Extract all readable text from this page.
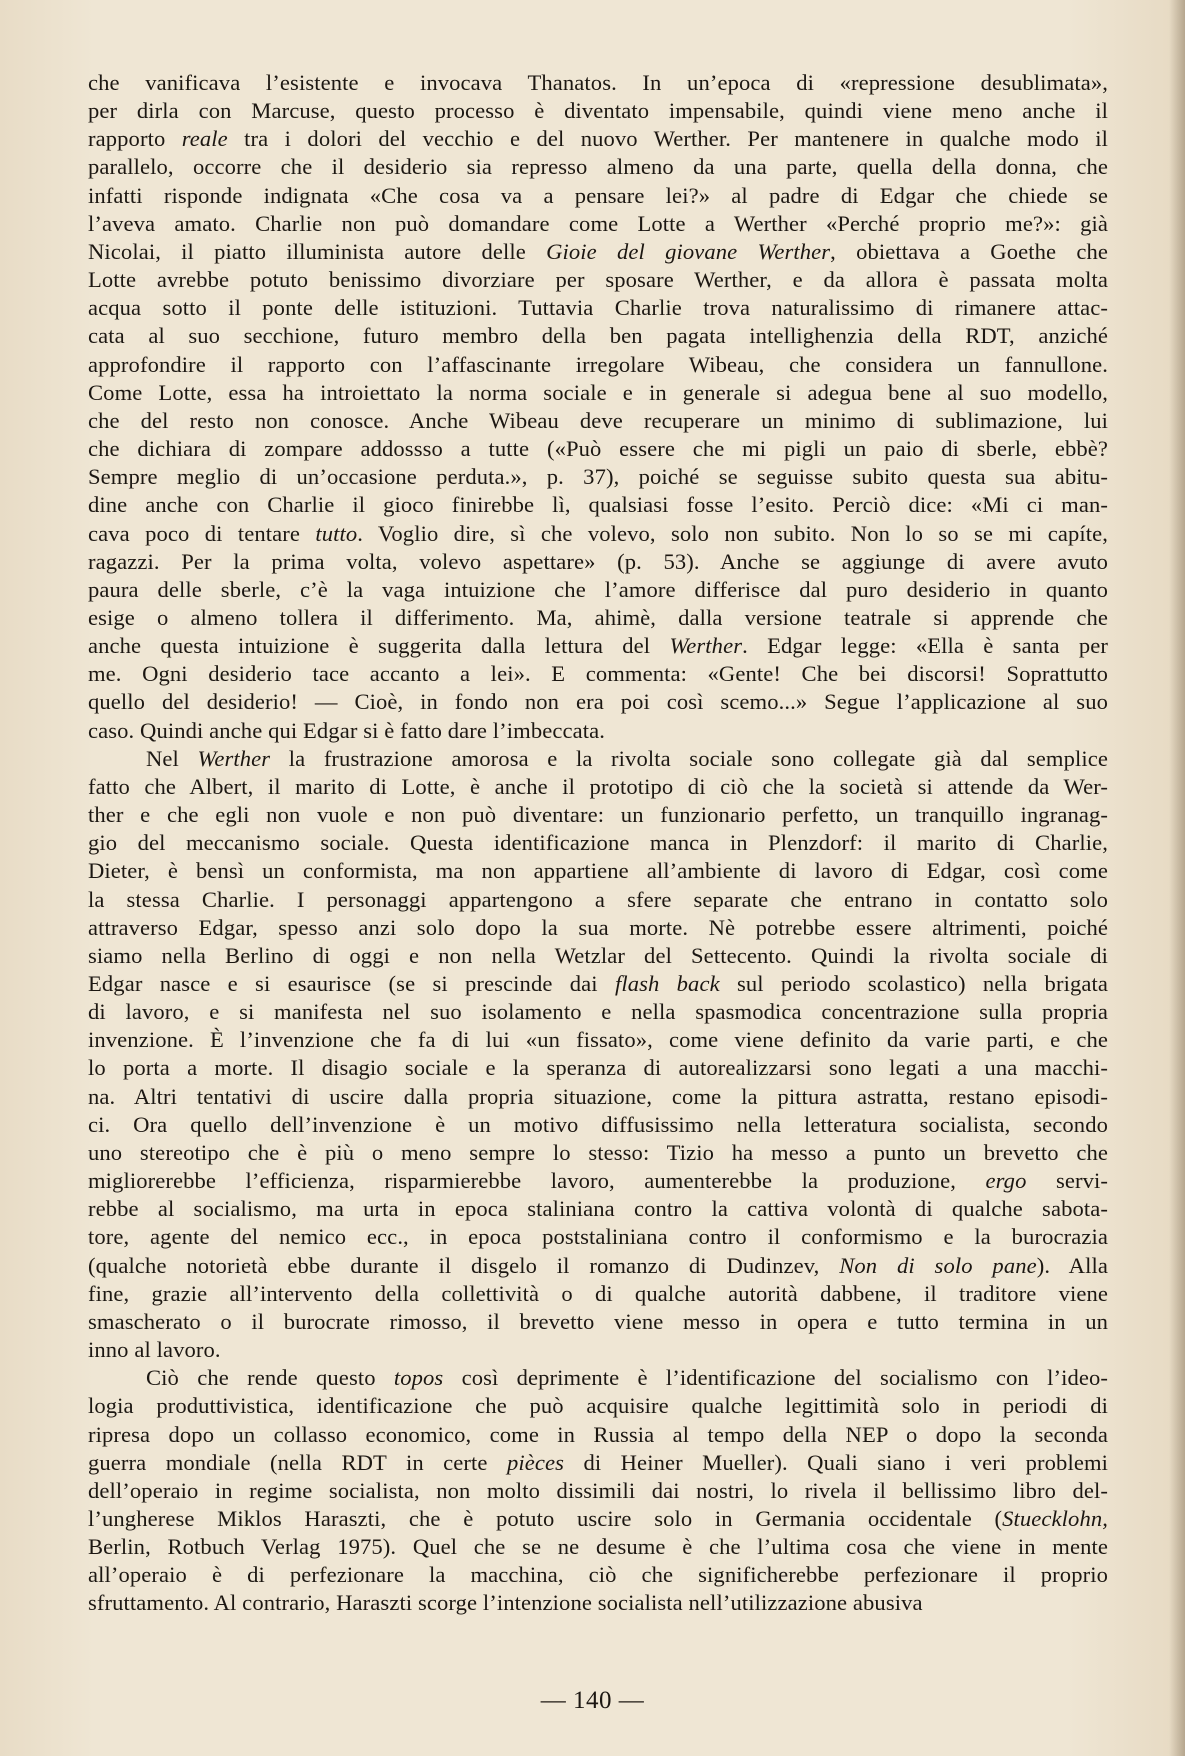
che vanificava l’esistente e invocava Thanatos. In un’epoca di «repressione desublimata»,

per dirla con Marcuse, questo processo è diventato impensabile, quindi viene meno anche il

rapporto reale tra i dolori del vecchio e del nuovo Werther. Per mantenere in qualche modo il

parallelo, occorre che il desiderio sia represso almeno da una parte, quella della donna, che

infatti risponde indignata «Che cosa va a pensare lei?» al padre di Edgar che chiede se

l’aveva amato. Charlie non può domandare come Lotte a Werther «Perché proprio me?»: già

Nicolai, il piatto illuminista autore delle Gioie del giovane Werther, obiettava a Goethe che

Lotte avrebbe potuto benissimo divorziare per sposare Werther, e da allora è passata molta

acqua sotto il ponte delle istituzioni. Tuttavia Charlie trova naturalissimo di rimanere attac-

cata al suo secchione, futuro membro della ben pagata intellighenzia della RDT, anziché

approfondire il rapporto con l’affascinante irregolare Wibeau, che considera un fannullone.

Come Lotte, essa ha introiettato la norma sociale e in generale si adegua bene al suo modello,

che del resto non conosce. Anche Wibeau deve recuperare un minimo di sublimazione, lui

che dichiara di zompare addossso a tutte («Può essere che mi pigli un paio di sberle, ebbè?

Sempre meglio di un’occasione perduta.», p. 37), poiché se seguisse subito questa sua abitu-

dine anche con Charlie il gioco finirebbe lì, qualsiasi fosse l’esito. Perciò dice: «Mi ci man-

cava poco di tentare tutto. Voglio dire, sì che volevo, solo non subito. Non lo so se mi capíte,

ragazzi. Per la prima volta, volevo aspettare» (p. 53). Anche se aggiunge di avere avuto

paura delle sberle, c’è la vaga intuizione che l’amore differisce dal puro desiderio in quanto

esige o almeno tollera il differimento. Ma, ahimè, dalla versione teatrale si apprende che

anche questa intuizione è suggerita dalla lettura del Werther. Edgar legge: «Ella è santa per

me. Ogni desiderio tace accanto a lei». E commenta: «Gente! Che bei discorsi! Soprattutto

quello del desiderio! — Cioè, in fondo non era poi così scemo...» Segue l’applicazione al suo

caso. Quindi anche qui Edgar si è fatto dare l’imbeccata.

Nel Werther la frustrazione amorosa e la rivolta sociale sono collegate già dal semplice

fatto che Albert, il marito di Lotte, è anche il prototipo di ciò che la società si attende da Wer-

ther e che egli non vuole e non può diventare: un funzionario perfetto, un tranquillo ingranag-

gio del meccanismo sociale. Questa identificazione manca in Plenzdorf: il marito di Charlie,

Dieter, è bensì un conformista, ma non appartiene all’ambiente di lavoro di Edgar, così come

la stessa Charlie. I personaggi appartengono a sfere separate che entrano in contatto solo

attraverso Edgar, spesso anzi solo dopo la sua morte. Nè potrebbe essere altrimenti, poiché

siamo nella Berlino di oggi e non nella Wetzlar del Settecento. Quindi la rivolta sociale di

Edgar nasce e si esaurisce (se si prescinde dai flash back sul periodo scolastico) nella brigata

di lavoro, e si manifesta nel suo isolamento e nella spasmodica concentrazione sulla propria

invenzione. È l’invenzione che fa di lui «un fissato», come viene definito da varie parti, e che

lo porta a morte. Il disagio sociale e la speranza di autorealizzarsi sono legati a una macchi-

na. Altri tentativi di uscire dalla propria situazione, come la pittura astratta, restano episodi-

ci. Ora quello dell’invenzione è un motivo diffusissimo nella letteratura socialista, secondo

uno stereotipo che è più o meno sempre lo stesso: Tizio ha messo a punto un brevetto che

migliorerebbe l’efficienza, risparmierebbe lavoro, aumenterebbe la produzione, ergo servi-

rebbe al socialismo, ma urta in epoca staliniana contro la cattiva volontà di qualche sabota-

tore, agente del nemico ecc., in epoca poststaliniana contro il conformismo e la burocrazia

(qualche notorietà ebbe durante il disgelo il romanzo di Dudinzev, Non di solo pane). Alla

fine, grazie all’intervento della collettività o di qualche autorità dabbene, il traditore viene

smascherato o il burocrate rimosso, il brevetto viene messo in opera e tutto termina in un

inno al lavoro.

Ciò che rende questo topos così deprimente è l’identificazione del socialismo con l’ideo-

logia produttivistica, identificazione che può acquisire qualche legittimità solo in periodi di

ripresa dopo un collasso economico, come in Russia al tempo della NEP o dopo la seconda

guerra mondiale (nella RDT in certe pièces di Heiner Mueller). Quali siano i veri problemi

dell’operaio in regime socialista, non molto dissimili dai nostri, lo rivela il bellissimo libro del-

l’ungherese Miklos Haraszti, che è potuto uscire solo in Germania occidentale (Stuecklohn,

Berlin, Rotbuch Verlag 1975). Quel che se ne desume è che l’ultima cosa che viene in mente

all’operaio è di perfezionare la macchina, ciò che significherebbe perfezionare il proprio

sfruttamento. Al contrario, Haraszti scorge l’intenzione socialista nell’utilizzazione abusiva

— 140 —
